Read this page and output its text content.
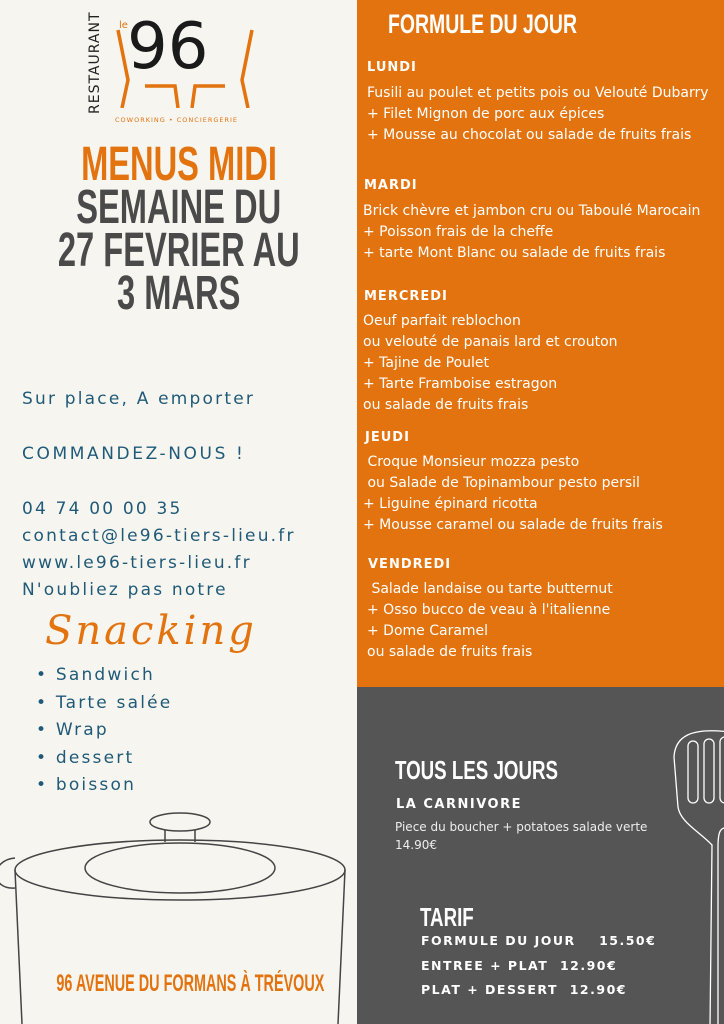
RESTAURANT le 96
COWORKING • CONCIERGERIE
MENUS MIDI
SEMAINE DU
27 FEVRIER AU
3 MARS
Sur place, A emporter
COMMANDEZ-NOUS !
04 74 00 00 35
contact@le96-tiers-lieu.fr
www.le96-tiers-lieu.fr
N'oubliez pas notre
Snacking
• Sandwich
• Tarte salée
• Wrap
• dessert
• boisson
FORMULE DU JOUR
LUNDI
Fusili au poulet et petits pois ou Velouté Dubarry
+ Filet Mignon de porc aux épices
+ Mousse au chocolat ou salade de fruits frais
MARDI
Brick chèvre et jambon cru ou Taboulé Marocain
+ Poisson frais de la cheffe
+ tarte Mont Blanc ou salade de fruits frais
MERCREDI
Oeuf parfait reblochon
ou velouté de panais lard et crouton
+ Tajine de Poulet
+ Tarte Framboise estragon
ou salade de fruits frais
JEUDI
Croque Monsieur mozza pesto
ou Salade de Topinambour pesto persil
+ Liguine épinard ricotta
+ Mousse caramel ou salade de fruits frais
VENDREDI
Salade landaise ou tarte butternut
+ Osso bucco de veau à l'italienne
+ Dome Caramel
ou salade de fruits frais
TOUS LES JOURS
LA CARNIVORE
Piece du boucher + potatoes salade verte
14.90€
TARIF
FORMULE DU JOUR    15.50€
ENTREE + PLAT  12.90€
PLAT + DESSERT  12.90€
96 AVENUE DU FORMANS À TRÉVOUX
